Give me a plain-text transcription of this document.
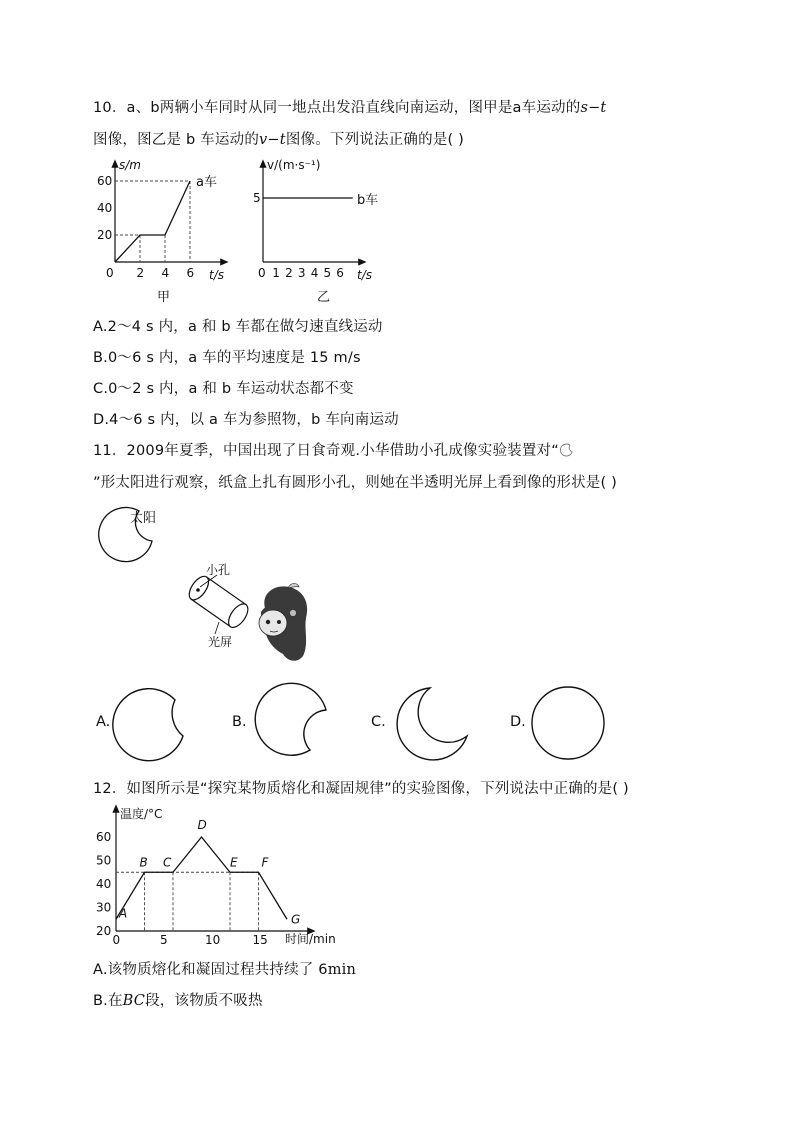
10．a、b两辆小车同时从同一地点出发沿直线向南运动，图甲是a车运动的s−t
图像，图乙是 b 车运动的v−t图像。下列说法正确的是( )
s/m
t/s
a车
60
40
20
0 2 4 6
甲
v/(m·s⁻¹)
t/s
b车
5
0 1 2 3 4 5 6
乙
A.2～4 s 内，a 和 b 车都在做匀速直线运动
B.0～6 s 内，a 车的平均速度是 15 m/s
C.0～2 s 内，a 和 b 车运动状态都不变
D.4～6 s 内，以 a 车为参照物，b 车向南运动
11．2009年夏季，中国出现了日食奇观.小华借助小孔成像实验装置对“
”形太阳进行观察，纸盒上扎有圆形小孔，则她在半透明光屏上看到像的形状是( )
太阳
小孔
光屏
A.	B.	C.	D.
12．如图所示是“探究某物质熔化和凝固规律”的实验图像，下列说法中正确的是( )
A
B C
D
E F
G
温度/°C
时间/min
60
50
40
30
20
0	5	10	15
A.该物质熔化和凝固过程共持续了 6min
B.在BC段，该物质不吸热
